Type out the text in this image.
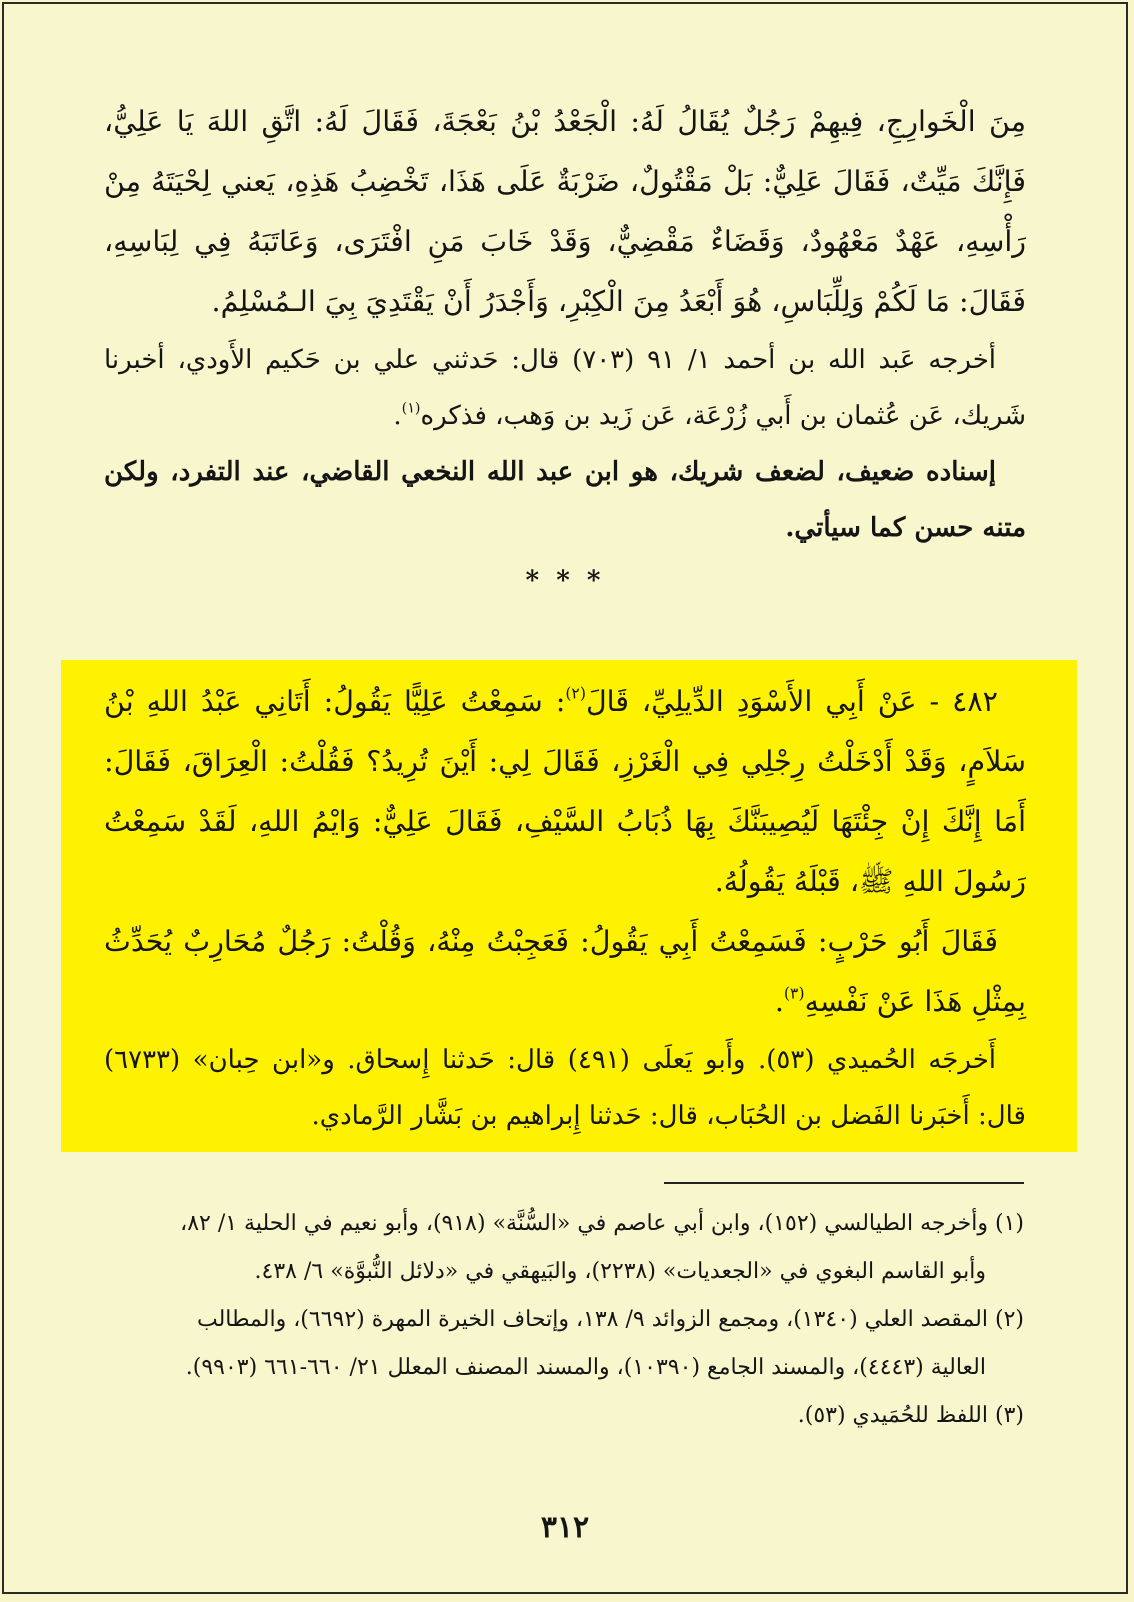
مِنَ الْخَوارِجِ، فِيهِمْ رَجُلٌ يُقَالُ لَهُ: الْجَعْدُ بْنُ بَعْجَةَ، فَقَالَ لَهُ: اتَّقِ اللهَ يَا عَلِيُّ، فَإِنَّكَ مَيِّتٌ، فَقَالَ عَلِيٌّ: بَلْ مَقْتُولٌ، ضَرْبَةٌ عَلَى هَذَا، تَخْضِبُ هَذِهِ، يَعني لِحْيَتَهُ مِنْ رَأْسِهِ، عَهْدٌ مَعْهُودٌ، وَقَضَاءٌ مَقْضِيٌّ، وَقَدْ خَابَ مَنِ افْتَرَى، وَعَاتَبَهُ فِي لِبَاسِهِ، فَقَالَ: مَا لَكُمْ وَلِلِّبَاسِ، هُوَ أَبْعَدُ مِنَ الْكِبْرِ، وَأَجْدَرُ أَنْ يَقْتَدِيَ بِيَ الـمُسْلِمُ.

أخرجه عَبد الله بن أحمد ١/ ٩١ (٧٠٣) قال: حَدثني علي بن حَكيم الأَودي، أخبرنا شَريك، عَن عُثمان بن أَبي زُرْعَة، عَن زَيد بن وَهب، فذكره$^{(١)}$.

إسناده ضعيف، لضعف شريك، هو ابن عبد الله النخعي القاضي، عند التفرد، ولكن متنه حسن كما سيأتي.

* * *

٤٨٢ - عَنْ أَبِي الأَسْوَدِ الدِّيلِيِّ، قَالَ$^{(٢)}$: سَمِعْتُ عَلِيًّا يَقُولُ: أَتَانِي عَبْدُ اللهِ بْنُ سَلاَمٍ، وَقَدْ أَدْخَلْتُ رِجْلِي فِي الْغَرْزِ، فَقَالَ لِي: أَيْنَ تُرِيدُ؟ فَقُلْتُ: الْعِرَاقَ، فَقَالَ: أَمَا إِنَّكَ إِنْ جِئْتَهَا لَيُصِيبَنَّكَ بِهَا ذُبَابُ السَّيْفِ، فَقَالَ عَلِيٌّ: وَايْمُ اللهِ، لَقَدْ سَمِعْتُ رَسُولَ اللهِ ﷺ، قَبْلَهُ يَقُولُهُ.

فَقَالَ أَبُو حَرْبٍ: فَسَمِعْتُ أَبِي يَقُولُ: فَعَجِبْتُ مِنْهُ، وَقُلْتُ: رَجُلٌ مُحَارِبٌ يُحَدِّثُ بِمِثْلِ هَذَا عَنْ نَفْسِهِ$^{(٣)}$.

أَخرجَه الحُميدي (٥٣). وأَبو يَعلَى (٤٩١) قال: حَدثنا إِسحاق. و«ابن حِبان» (٦٧٣٣) قال: أَخبَرنا الفَضل بن الحُبَاب، قال: حَدثنا إِبراهيم بن بَشَّار الرَّمادي.

(١) وأخرجه الطيالسي (١٥٢)، وابن أبي عاصم في «السُّنَّة» (٩١٨)، وأبو نعيم في الحلية ١/ ٨٢،
وأبو القاسم البغوي في «الجعديات» (٢٢٣٨)، والبَيهقي في «دلائل النُّبوَّة» ٦/ ٤٣٨.

(٢) المقصد العلي (١٣٤٠)، ومجمع الزوائد ٩/ ١٣٨، وإتحاف الخيرة المهرة (٦٦٩٢)، والمطالب
العالية (٤٤٤٣)، والمسند الجامع (١٠٣٩٠)، والمسند المصنف المعلل ٢١/ ٦٦٠-٦٦١ (٩٩٠٣).

(٣) اللفظ للحُمَيدي (٥٣).

٣١٢
